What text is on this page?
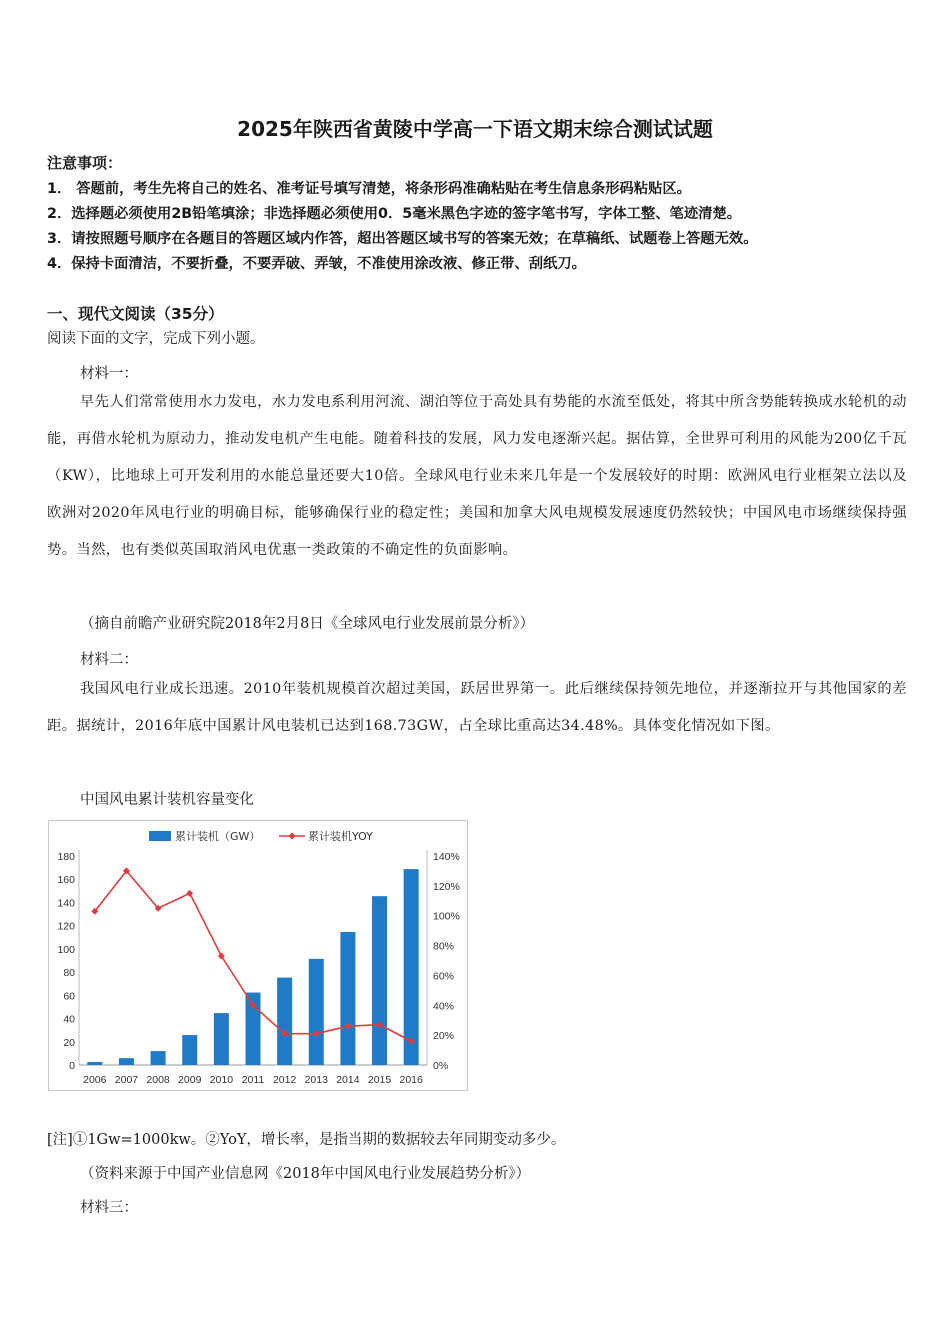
2025年陕西省黄陵中学高一下语文期末综合测试试题
注意事项：
1． 答题前，考生先将自己的姓名、准考证号填写清楚，将条形码准确粘贴在考生信息条形码粘贴区。
2．选择题必须使用2B铅笔填涂；非选择题必须使用0．5毫米黑色字迹的签字笔书写，字体工整、笔迹清楚。
3．请按照题号顺序在各题目的答题区域内作答，超出答题区域书写的答案无效；在草稿纸、试题卷上答题无效。
4．保持卡面清洁，不要折叠，不要弄破、弄皱，不准使用涂改液、修正带、刮纸刀。
一、现代文阅读（35分）
阅读下面的文字，完成下列小题。
材料一：
早先人们常常使用水力发电，水力发电系利用河流、湖泊等位于高处具有势能的水流至低处，将其中所含势能转换成水轮机的动能，再借水轮机为原动力，推动发电机产生电能。随着科技的发展，风力发电逐渐兴起。据估算，全世界可利用的风能为200亿千瓦（KW），比地球上可开发利用的水能总量还要大10倍。全球风电行业未来几年是一个发展较好的时期：欧洲风电行业框架立法以及欧洲对2020年风电行业的明确目标，能够确保行业的稳定性；美国和加拿大风电规模发展速度仍然较快；中国风电市场继续保持强势。当然，也有类似英国取消风电优惠一类政策的不确定性的负面影响。
（摘自前瞻产业研究院2018年2月8日《全球风电行业发展前景分析》）
材料二：
我国风电行业成长迅速。2010年装机规模首次超过美国，跃居世界第一。此后继续保持领先地位，并逐渐拉开与其他国家的差距。据统计，2016年底中国累计风电装机已达到168.73GW，占全球比重高达34.48%。具体变化情况如下图。
中国风电累计装机容量变化
0
20
40
60
80
100
120
140
160
180
0%
20%
40%
60%
80%
100%
120%
140%
2006 2007 2008 2009 2010 2011 2012 2013 2014 2015 2016
累计装机（GW）	累计装机YOY
[注]①1Gw=1000kw。②YoY，增长率，是指当期的数据较去年同期变动多少。
（资料来源于中国产业信息网《2018年中国风电行业发展趋势分析》）
材料三：
